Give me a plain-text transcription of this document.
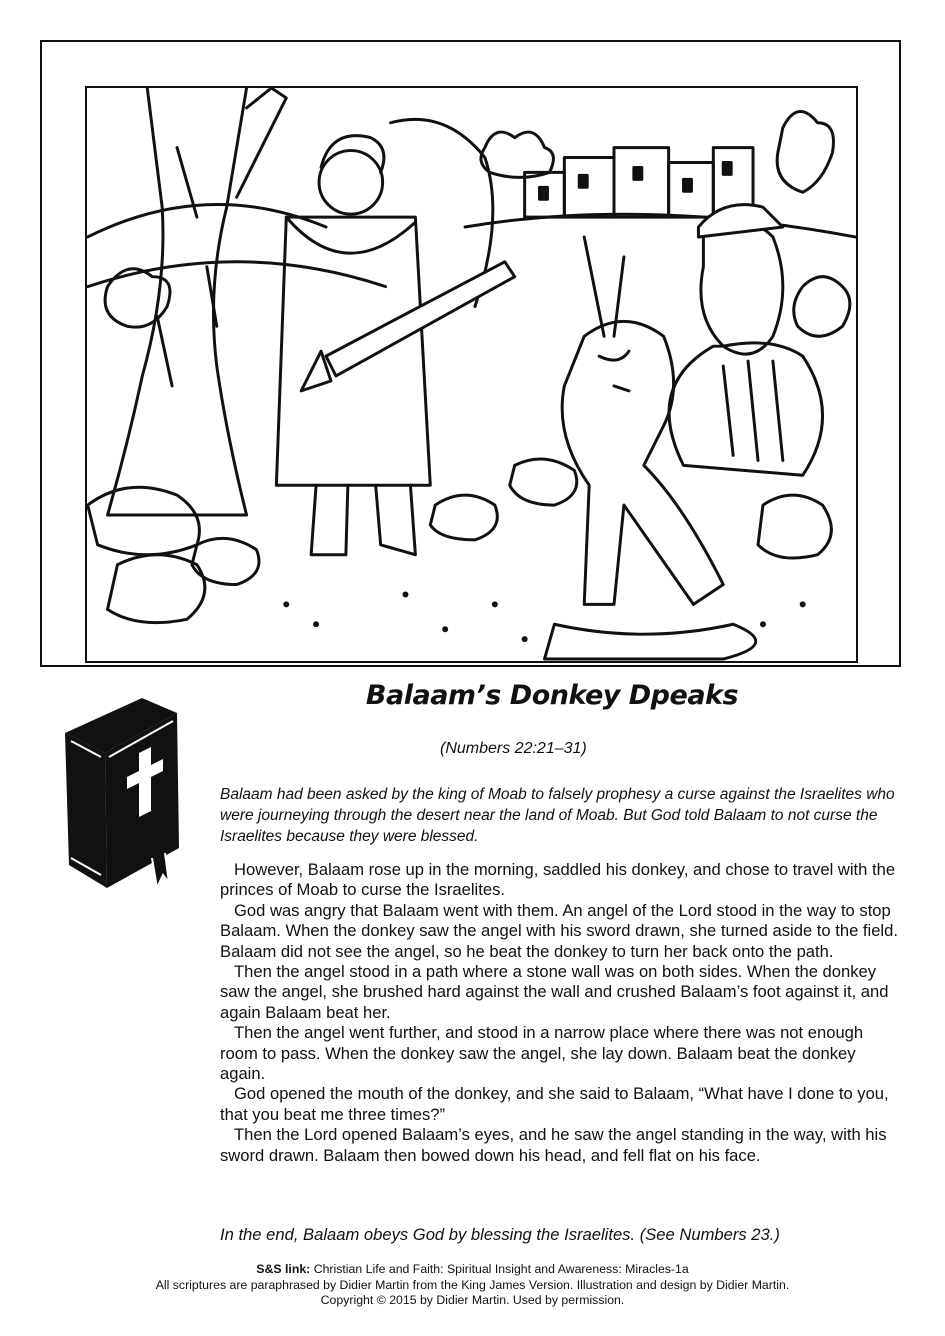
Balaam’s Donkey Dpeaks
(Numbers 22:21–31)
Balaam had been asked by the king of Moab to falsely prophesy a curse against the Israelites who were journeying through the desert near the land of Moab. But God told Balaam to not curse the Israelites because they were blessed.

However, Balaam rose up in the morning, saddled his donkey, and chose to travel with the princes of Moab to curse the Israelites.

God was angry that Balaam went with them. An angel of the Lord stood in the way to stop Balaam. When the donkey saw the angel with his sword drawn, she turned aside to the field. Balaam did not see the angel, so he beat the donkey to turn her back onto the path.

Then the angel stood in a path where a stone wall was on both sides. When the donkey saw the angel, she brushed hard against the wall and crushed Balaam’s foot against it, and again Balaam beat her.

Then the angel went further, and stood in a narrow place where there was not enough room to pass. When the donkey saw the angel, she lay down. Balaam beat the donkey again.

God opened the mouth of the donkey, and she said to Balaam, “What have I done to you, that you beat me three times?”

Then the Lord opened Balaam’s eyes, and he saw the angel standing in the way, with his sword drawn. Balaam then bowed down his head, and fell flat on his face.

In the end, Balaam obeys God by blessing the Israelites. (See Numbers 23.)
S&S link: Christian Life and Faith: Spiritual Insight and Awareness: Miracles-1a
All scriptures are paraphrased by Didier Martin from the King James Version. Illustration and design by Didier Martin.
Copyright © 2015 by Didier Martin. Used by permission.
